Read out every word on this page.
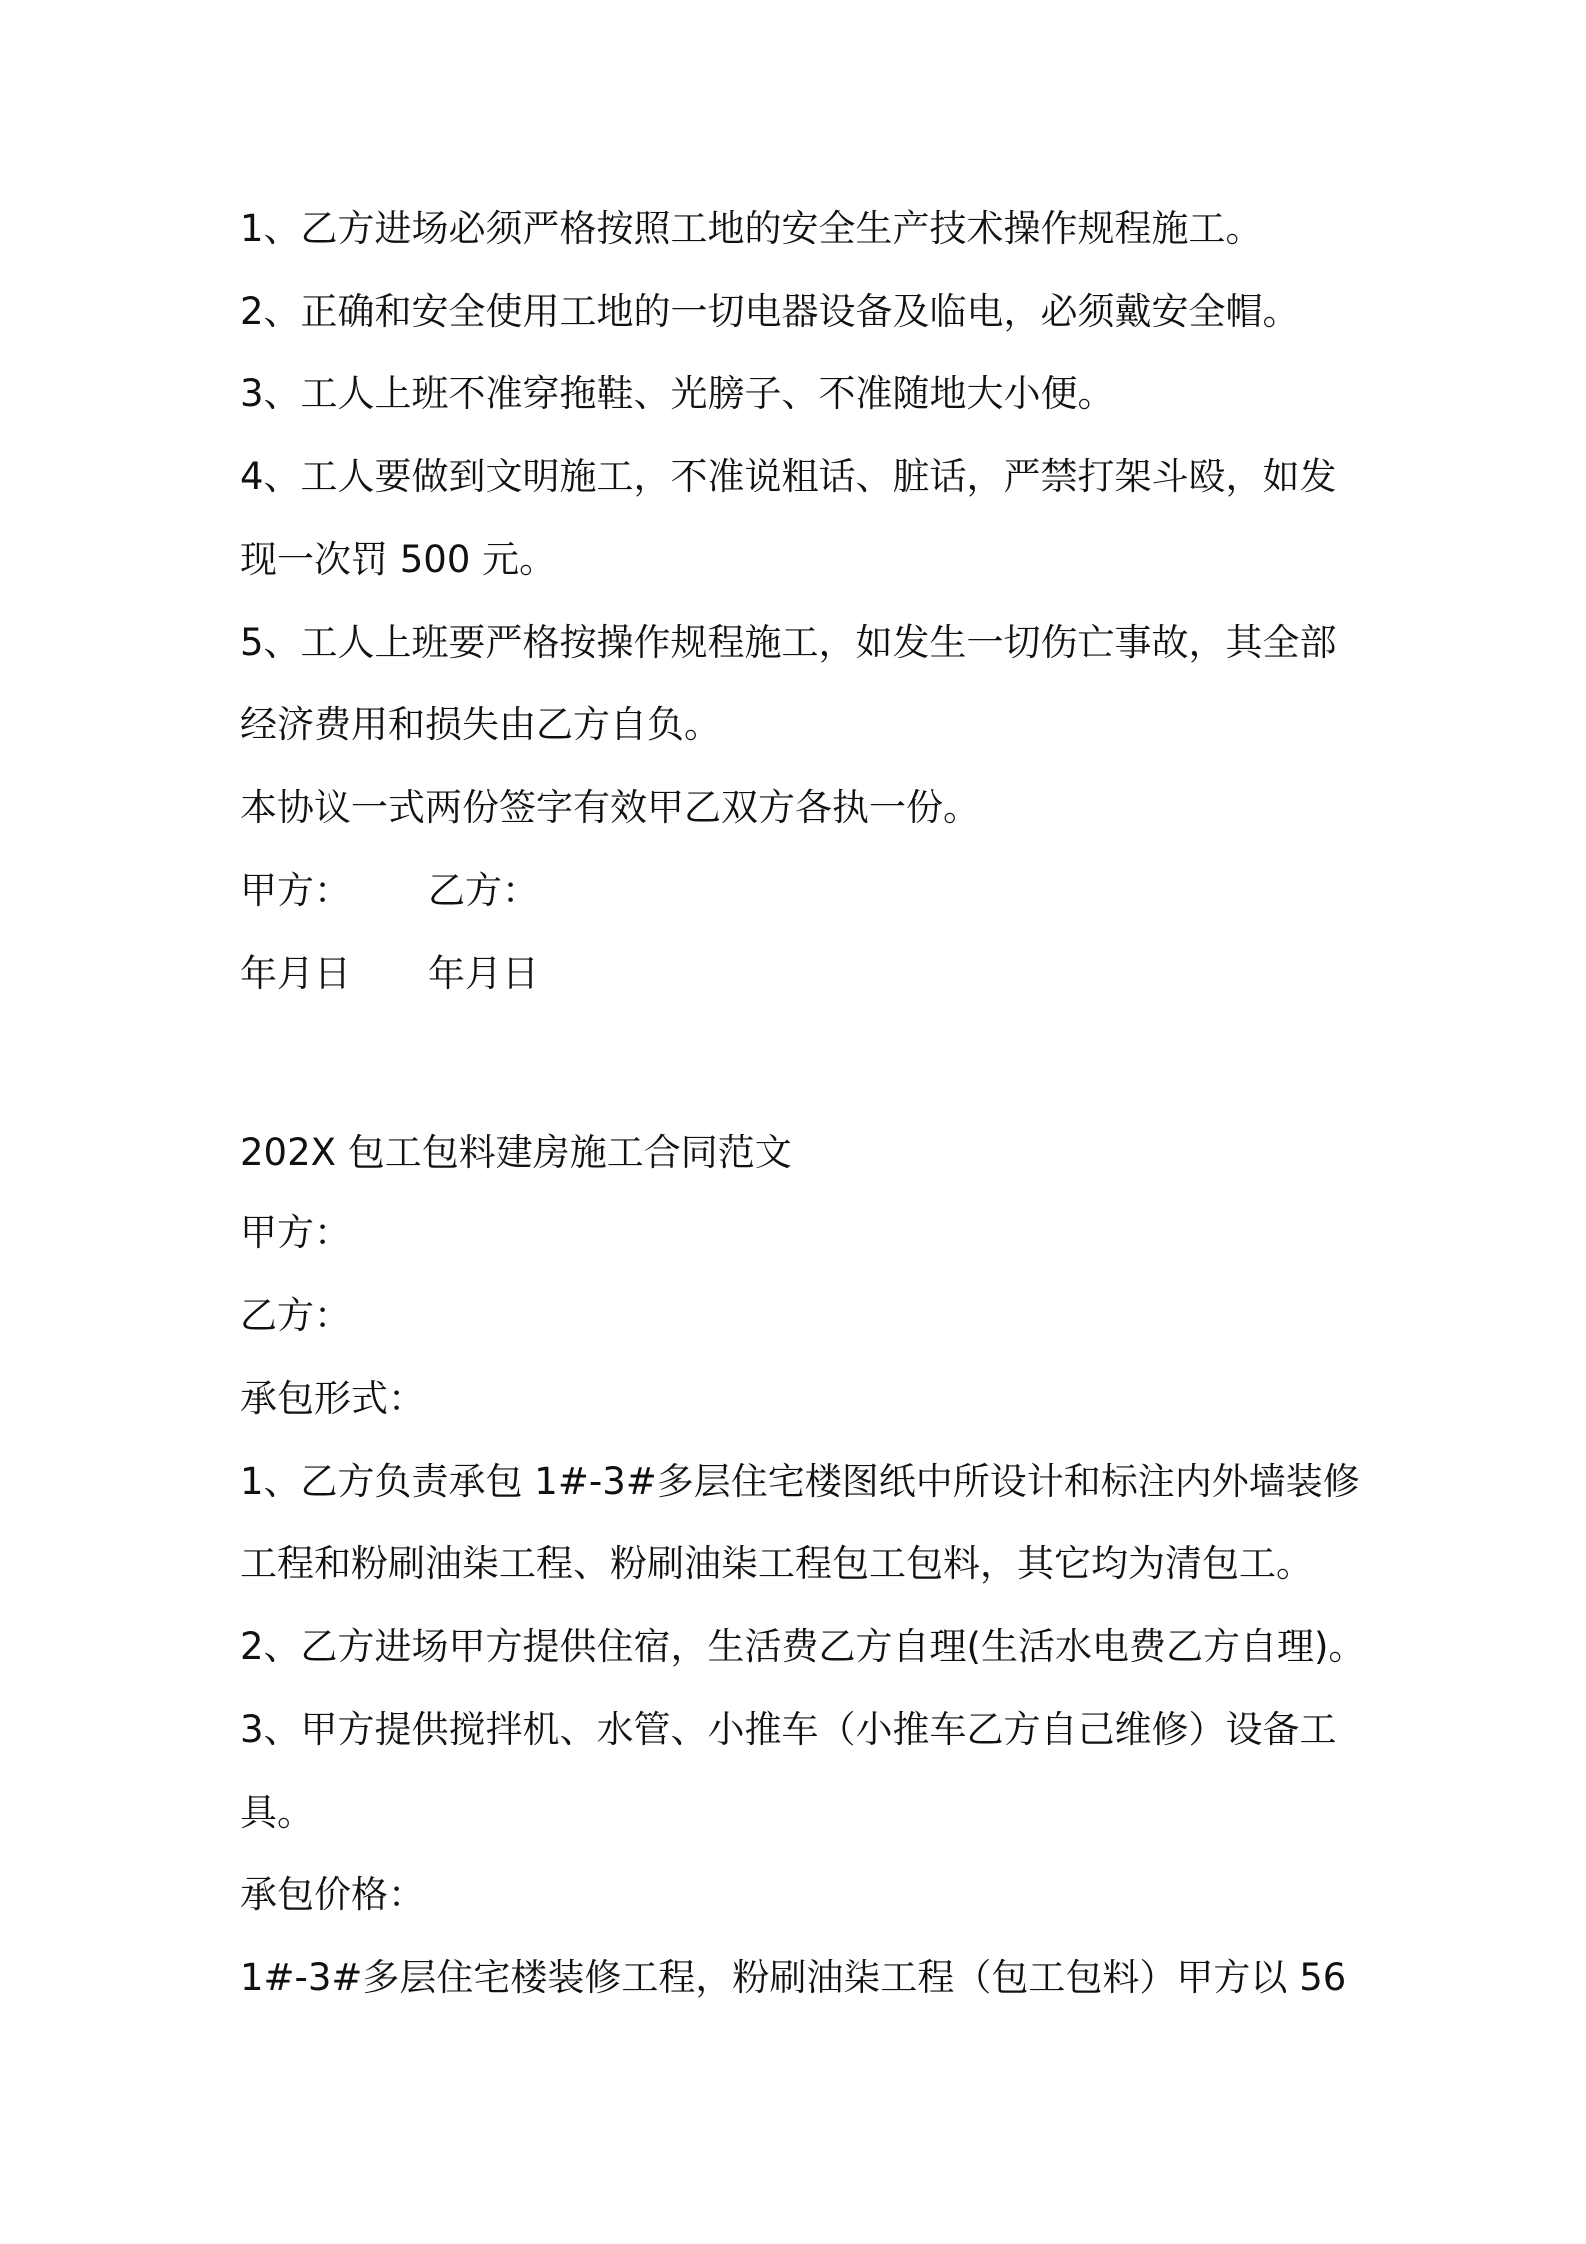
1、乙方进场必须严格按照工地的安全生产技术操作规程施工。
2、正确和安全使用工地的一切电器设备及临电，必须戴安全帽。
3、工人上班不准穿拖鞋、光膀子、不准随地大小便。
4、工人要做到文明施工，不准说粗话、脏话，严禁打架斗殴，如发
现一次罚 500 元。
5、工人上班要严格按操作规程施工，如发生一切伤亡事故，其全部
经济费用和损失由乙方自负。
本协议一式两份签字有效甲乙双方各执一份。
甲方： 乙方：
年月日 年月日
202X 包工包料建房施工合同范文
甲方：
乙方：
承包形式：
1、乙方负责承包 1#-3#多层住宅楼图纸中所设计和标注内外墙装修
工程和粉刷油柒工程、粉刷油柒工程包工包料，其它均为清包工。
2、乙方进场甲方提供住宿，生活费乙方自理(生活水电费乙方自理)。
3、甲方提供搅拌机、水管、小推车（小推车乙方自己维修）设备工
具。
承包价格：
1#-3#多层住宅楼装修工程，粉刷油柒工程（包工包料）甲方以 56
